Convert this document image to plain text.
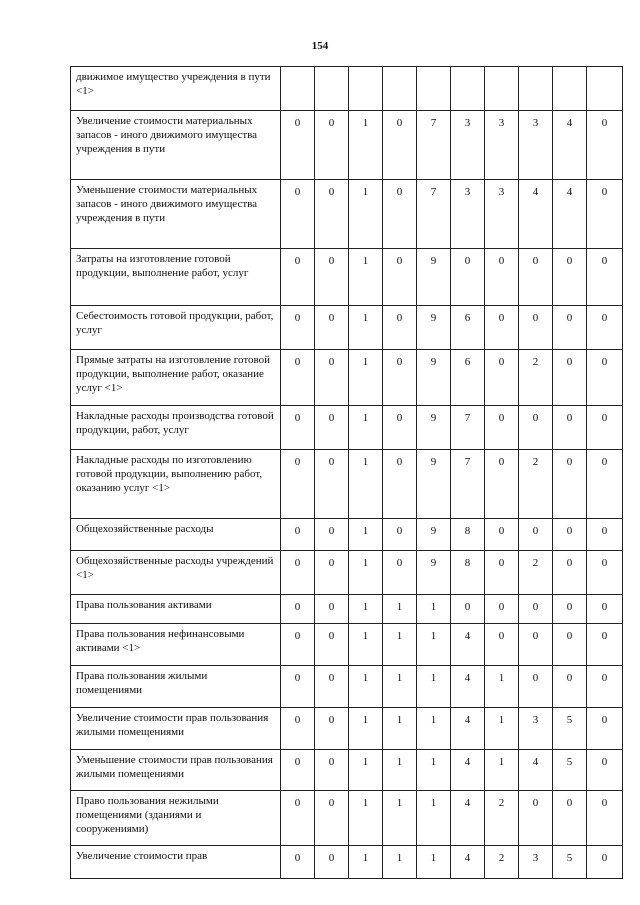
154
движимое имущество учреждения в пути <1>										
Увеличение стоимости материальных запасов - иного движимого имущества учреждения в пути	0	0	1	0	7	3	3	3	4	0
Уменьшение стоимости материальных запасов - иного движимого имущества учреждения в пути	0	0	1	0	7	3	3	4	4	0
Затраты на изготовление готовой продукции, выполнение работ, услуг	0	0	1	0	9	0	0	0	0	0
Себестоимость готовой продукции, работ, услуг	0	0	1	0	9	6	0	0	0	0
Прямые затраты на изготовление готовой продукции, выполнение работ, оказание услуг <1>	0	0	1	0	9	6	0	2	0	0
Накладные расходы производства готовой продукции, работ, услуг	0	0	1	0	9	7	0	0	0	0
Накладные расходы по изготовлению готовой продукции, выполнению работ, оказанию услуг <1>	0	0	1	0	9	7	0	2	0	0
Общехозяйственные расходы	0	0	1	0	9	8	0	0	0	0
Общехозяйственные расходы учреждений <1>	0	0	1	0	9	8	0	2	0	0
Права пользования активами	0	0	1	1	1	0	0	0	0	0
Права пользования нефинансовыми активами <1>	0	0	1	1	1	4	0	0	0	0
Права пользования жилыми помещениями	0	0	1	1	1	4	1	0	0	0
Увеличение стоимости прав пользования жилыми помещениями	0	0	1	1	1	4	1	3	5	0
Уменьшение стоимости прав пользования жилыми помещениями	0	0	1	1	1	4	1	4	5	0
Право пользования нежилыми помещениями (зданиями и сооружениями)	0	0	1	1	1	4	2	0	0	0
Увеличение стоимости прав	0	0	1	1	1	4	2	3	5	0
